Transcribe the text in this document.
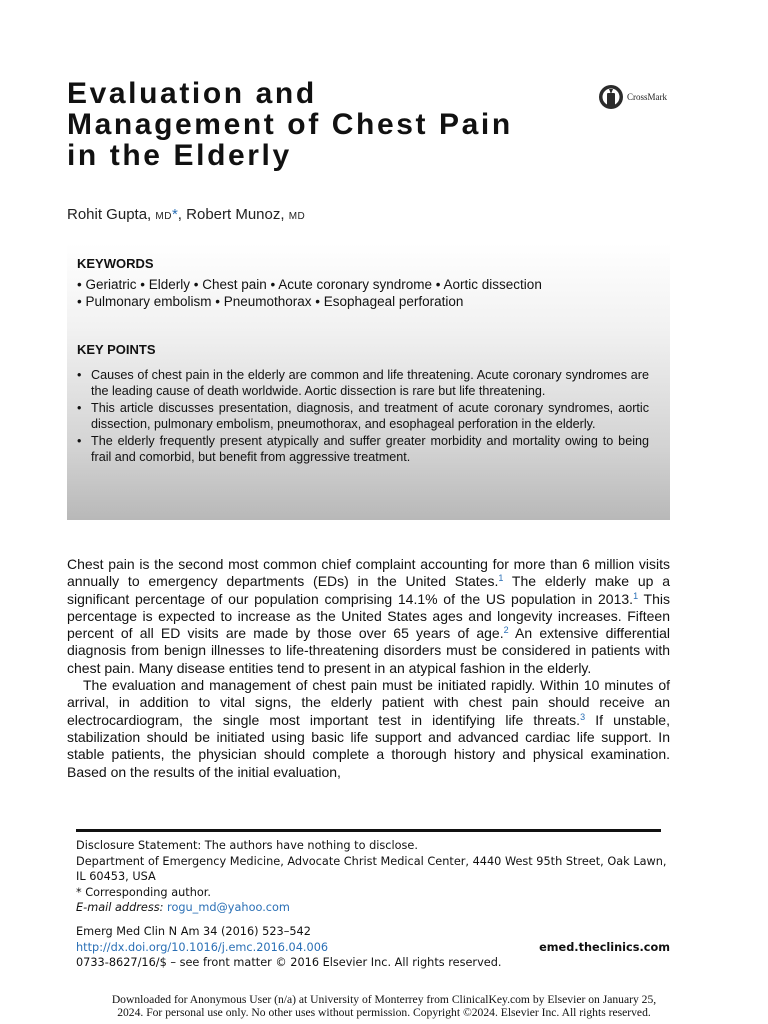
Evaluation and
Management of Chest Pain
in the Elderly
CrossMark
Rohit Gupta, MD*, Robert Munoz, MD
KEYWORDS
• Geriatric • Elderly • Chest pain • Acute coronary syndrome • Aortic dissection
• Pulmonary embolism • Pneumothorax • Esophageal perforation
KEY POINTS
• Causes of chest pain in the elderly are common and life threatening. Acute coronary syndromes are the leading cause of death worldwide. Aortic dissection is rare but life threatening.
• This article discusses presentation, diagnosis, and treatment of acute coronary syndromes, aortic dissection, pulmonary embolism, pneumothorax, and esophageal perforation in the elderly.
• The elderly frequently present atypically and suffer greater morbidity and mortality owing to being frail and comorbid, but benefit from aggressive treatment.

Chest pain is the second most common chief complaint accounting for more than 6 million visits annually to emergency departments (EDs) in the United States.$^1$ The elderly make up a significant percentage of our population comprising 14.1% of the US population in 2013.$^1$ This percentage is expected to increase as the United States ages and longevity increases. Fifteen percent of all ED visits are made by those over 65 years of age.$^2$ An extensive differential diagnosis from benign illnesses to life-threatening disorders must be considered in patients with chest pain. Many disease entities tend to present in an atypical fashion in the elderly.

The evaluation and management of chest pain must be initiated rapidly. Within 10 minutes of arrival, in addition to vital signs, the elderly patient with chest pain should receive an electrocardiogram, the single most important test in identifying life threats.$^3$ If unstable, stabilization should be initiated using basic life support and advanced cardiac life support. In stable patients, the physician should complete a thorough history and physical examination. Based on the results of the initial evaluation,

Disclosure Statement: The authors have nothing to disclose.

Department of Emergency Medicine, Advocate Christ Medical Center, 4440 West 95th Street, Oak Lawn, IL 60453, USA

* Corresponding author.

E-mail address: rogu_md@yahoo.com

Emerg Med Clin N Am 34 (2016) 523–542

http://dx.doi.org/10.1016/j.emc.2016.04.006

0733-8627/16/$ – see front matter © 2016 Elsevier Inc. All rights reserved.

emed.theclinics.com
Downloaded for Anonymous User (n/a) at University of Monterrey from ClinicalKey.com by Elsevier on January 25,
2024. For personal use only. No other uses without permission. Copyright ©2024. Elsevier Inc. All rights reserved.
